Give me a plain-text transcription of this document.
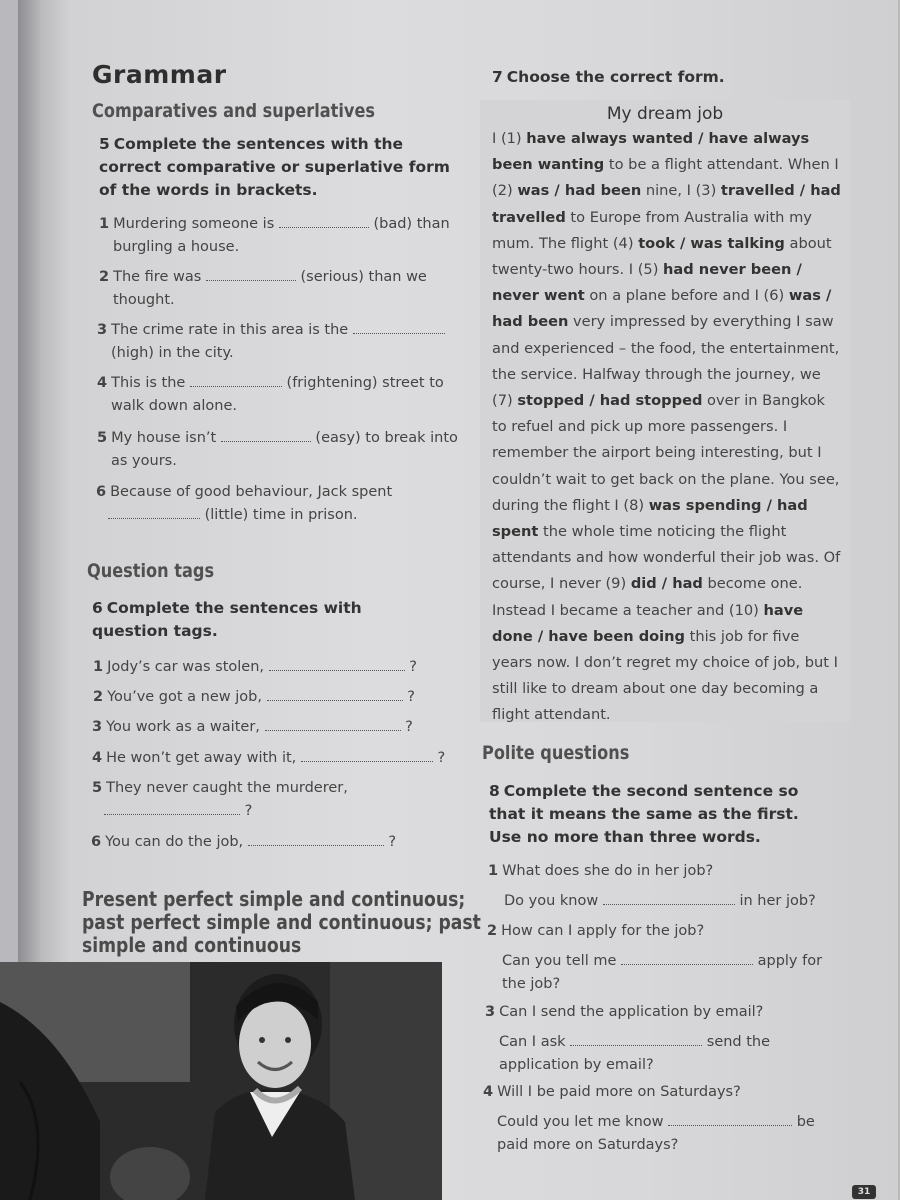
Grammar
Comparatives and superlatives
5 Complete the sentences with the correct comparative or superlative form of the words in brackets.
1 Murdering someone is	(bad) than
burgling a house.
2 The fire was	(serious) than we
thought.
3 The crime rate in this area is the
(high) in the city.
4 This is the	(frightening) street to
walk down alone.
5 My house isn’t	(easy) to break into
as yours.
6 Because of good behaviour, Jack spent
(little) time in prison.
Question tags
6 Complete the sentences with question tags.
1 Jody’s car was stolen,	?
2 You’ve got a new job,	?
3 You work as a waiter,	?
4 He won’t get away with it,	?
5 They never caught the murderer,
?
6 You can do the job,	?
Present perfect simple and continuous;
past perfect simple and continuous; past
simple and continuous
7 Choose the correct form.
My dream job
I (1) have always wanted / have always been wanting to be a flight attendant. When I (2) was / had been nine, I (3) travelled / had travelled to Europe from Australia with my mum. The flight (4) took / was talking about twenty-two hours. I (5) had never been / never went on a plane before and I (6) was / had been very impressed by everything I saw and experienced – the food, the entertainment, the service. Halfway through the journey, we (7) stopped / had stopped over in Bangkok to refuel and pick up more passengers. I remember the airport being interesting, but I couldn’t wait to get back on the plane. You see, during the flight I (8) was spending / had spent the whole time noticing the flight attendants and how wonderful their job was. Of course, I never (9) did / had become one. Instead I became a teacher and (10) have done / have been doing this job for five years now. I don’t regret my choice of job, but I still like to dream about one day becoming a flight attendant.
Polite questions
8 Complete the second sentence so that it means the same as the first. Use no more than three words.
1 What does she do in her job?
Do you know	in her job?
2 How can I apply for the job?
Can you tell me	apply for
the job?
3 Can I send the application by email?
Can I ask	send the
application by email?
4 Will I be paid more on Saturdays?
Could you let me know	be
paid more on Saturdays?
31
